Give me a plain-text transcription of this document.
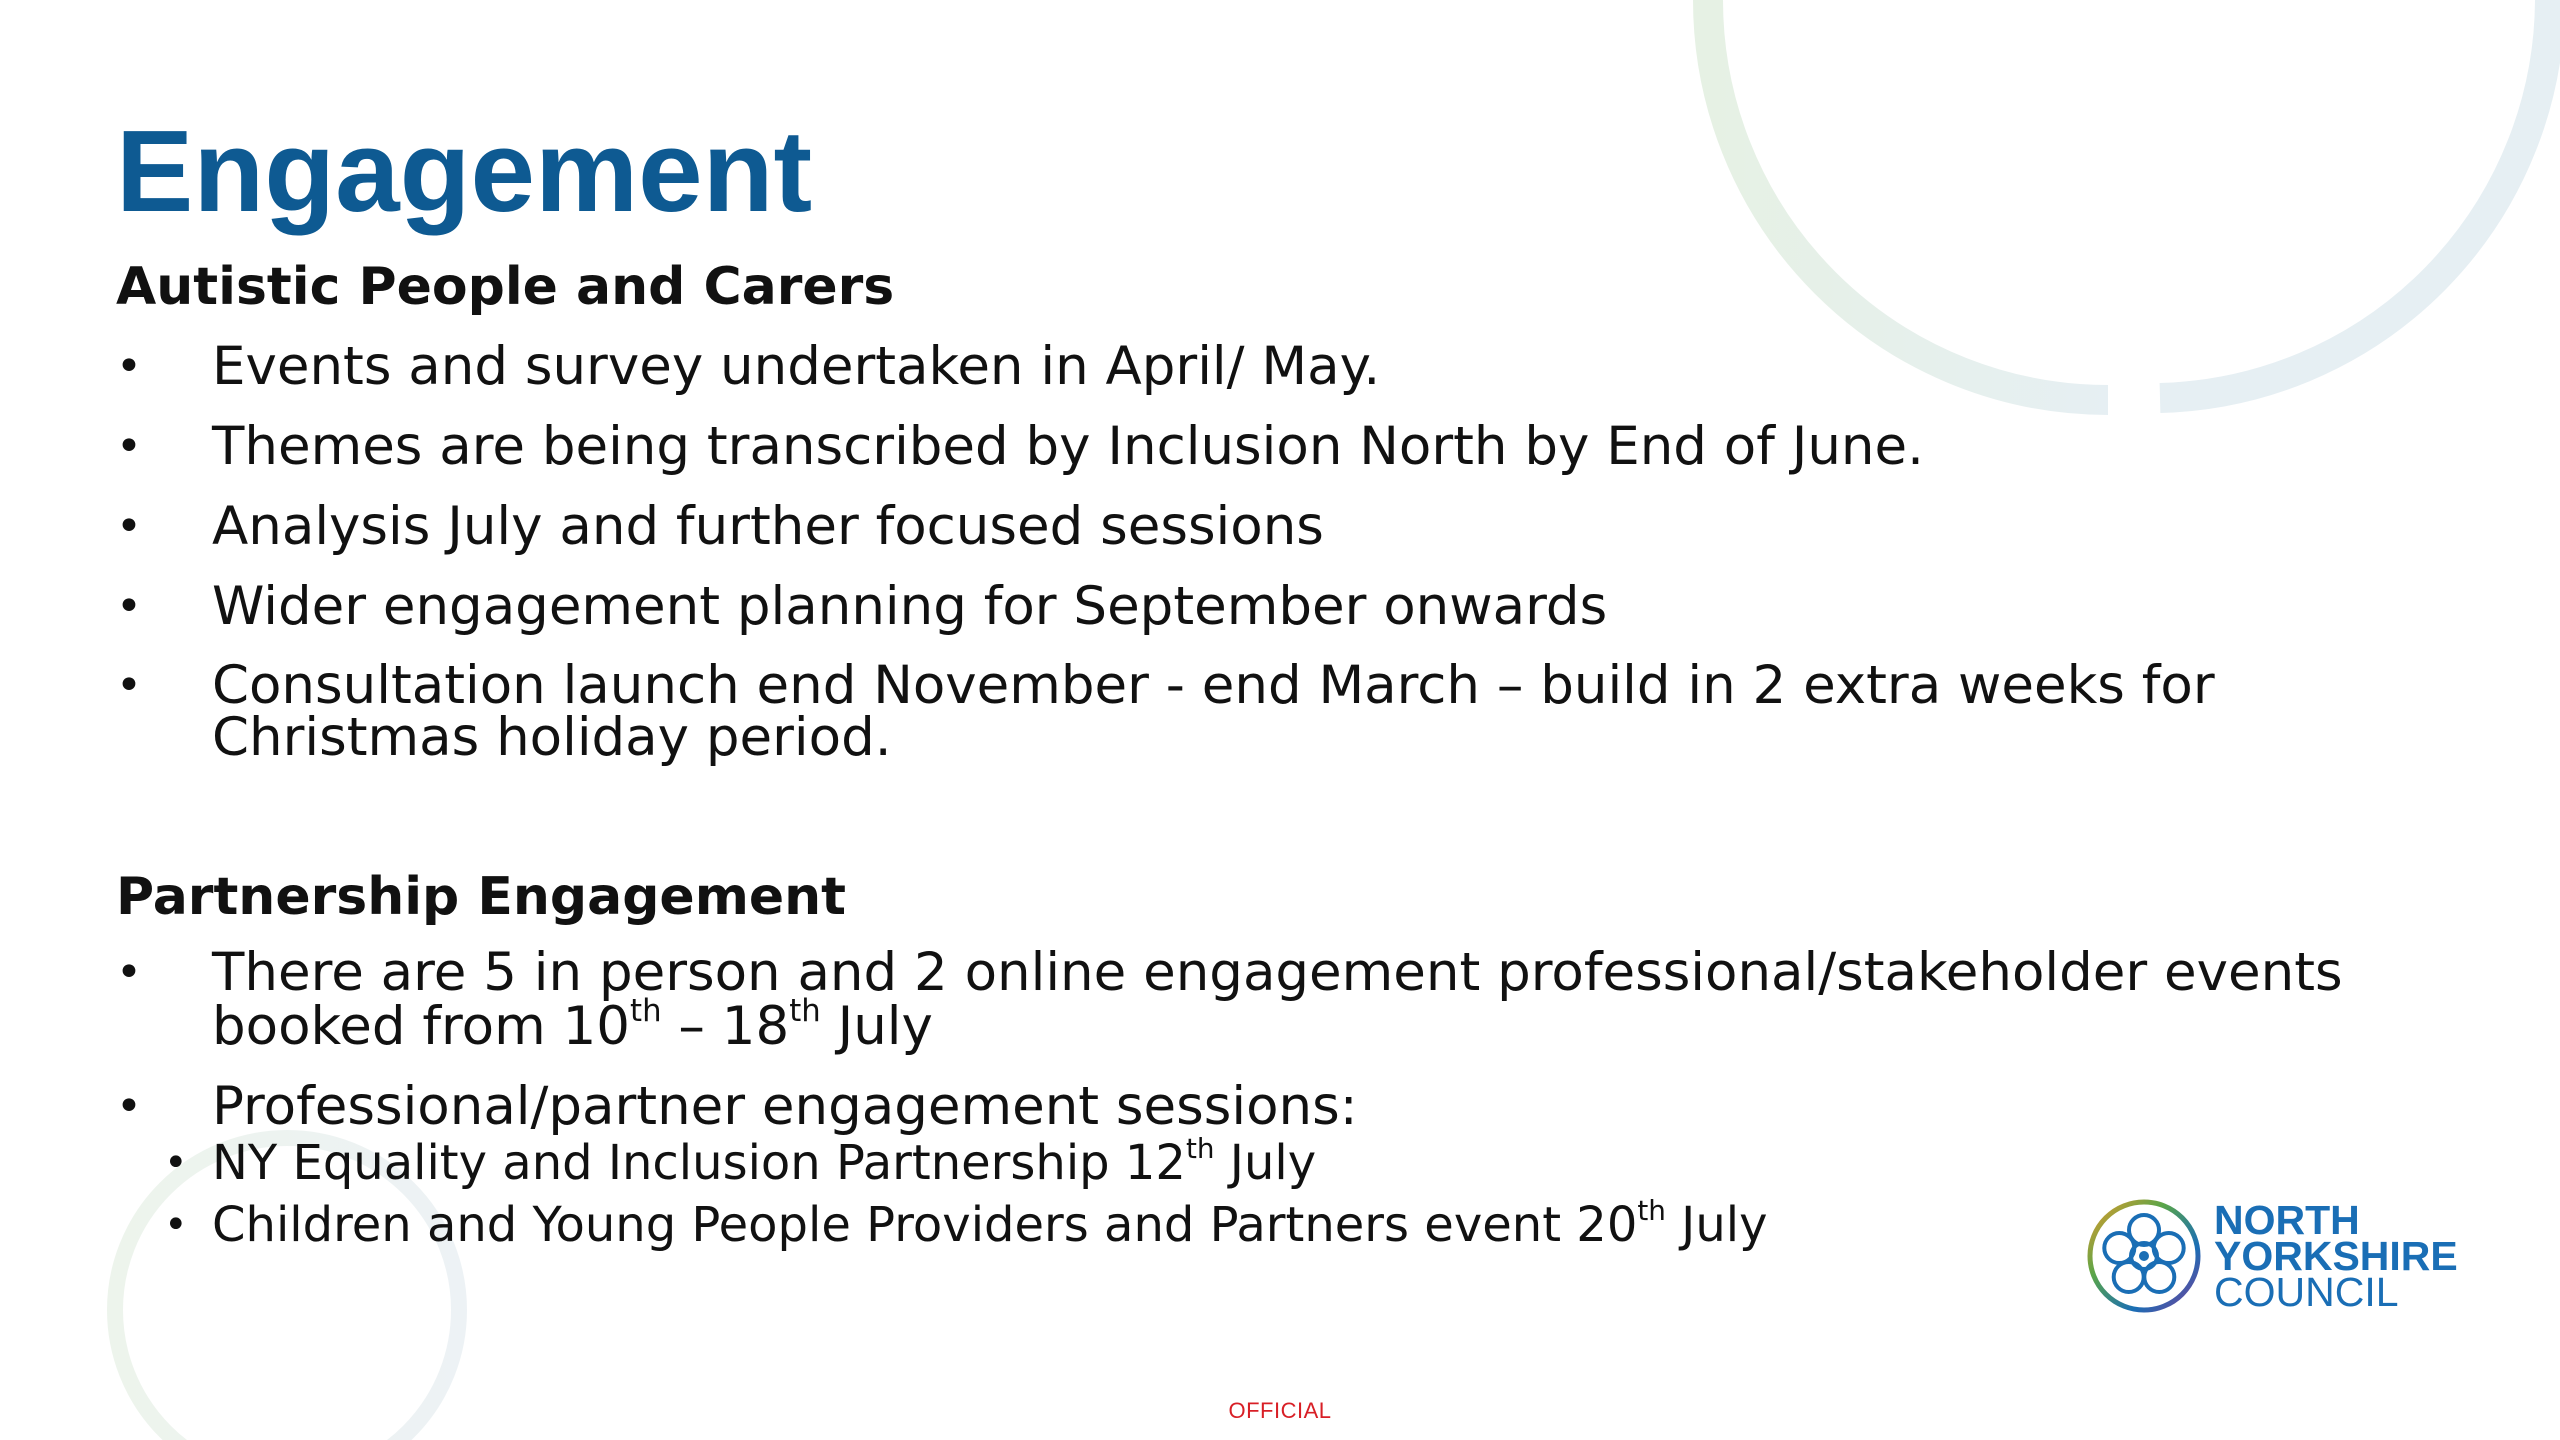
Engagement
Autistic People and Carers
• Events and survey undertaken in April/ May.
• Themes are being transcribed by Inclusion North by End of June.
• Analysis July and further focused sessions
• Wider engagement planning for September onwards
• Consultation launch end November - end March – build in 2 extra weeks for Christmas holiday period.
Partnership Engagement
• There are 5 in person and 2 online engagement professional/stakeholder events
booked from 10th – 18th July
• Professional/partner engagement sessions:
• NY Equality and Inclusion Partnership 12th July
• Children and Young People Providers and Partners event 20th July	NORTH
YORKSHIRE
COUNCIL
OFFICIAL
